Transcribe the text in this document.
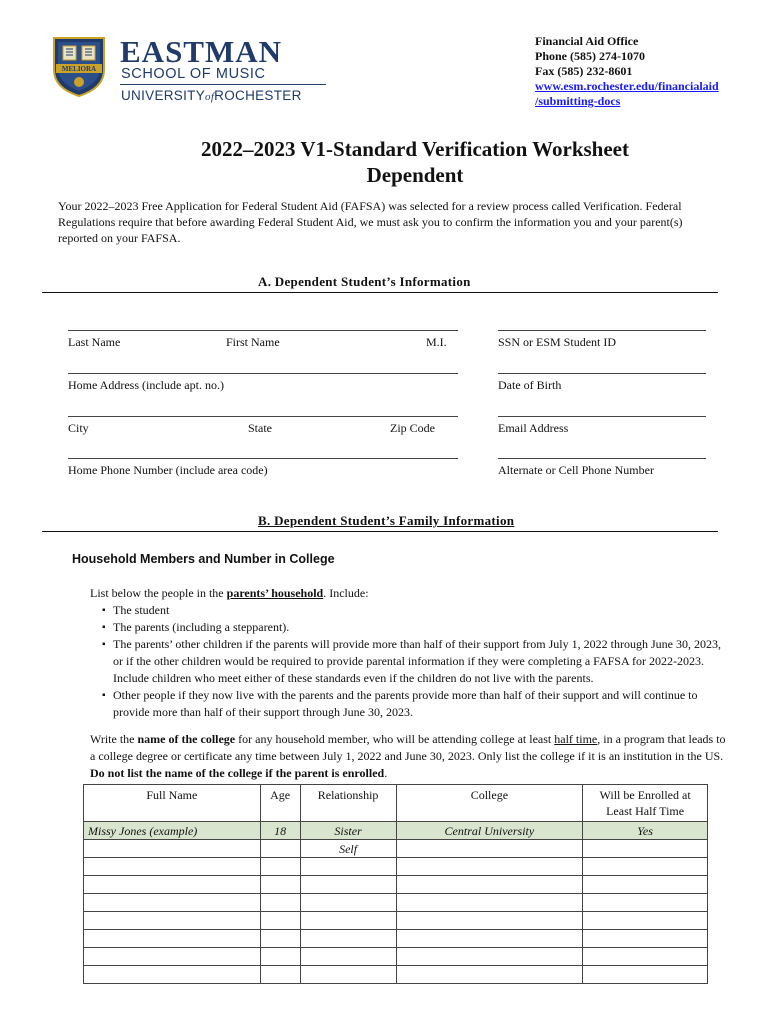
MELIORA EASTMAN
SCHOOL OF MUSIC
UNIVERSITYofROCHESTER
Financial Aid Office
Phone (585) 274-1070
Fax (585) 232-8601
www.esm.rochester.edu/financialaid
/submitting-docs
2022–2023 V1-Standard Verification Worksheet
Dependent
Your 2022–2023 Free Application for Federal Student Aid (FAFSA) was selected for a review process called Verification. Federal Regulations require that before awarding Federal Student Aid, we must ask you to confirm the information you and your parent(s) reported on your FAFSA.
A. Dependent Student’s Information
Last Name	First Name	M.I.	SSN or ESM Student ID
Home Address (include apt. no.)	Date of Birth
City	State	Zip Code	Email Address
Home Phone Number (include area code)	Alternate or Cell Phone Number
B. Dependent Student’s Family Information
Household Members and Number in College
List below the people in the parents’ household. Include:
▪ The student
▪ The parents (including a stepparent).
▪ The parents’ other children if the parents will provide more than half of their support from July 1, 2022 through June 30, 2023, or if the other children would be required to provide parental information if they were completing a FAFSA for 2022-2023. Include children who meet either of these standards even if the children do not live with the parents.
▪ Other people if they now live with the parents and the parents provide more than half of their support and will continue to provide more than half of their support through June 30, 2023.
Write the name of the college for any household member, who will be attending college at least half time, in a program that leads to a college degree or certificate any time between July 1, 2022 and June 30, 2023. Only list the college if it is an institution in the US. Do not list the name of the college if the parent is enrolled.
Full Name	Age	Relationship	College	Will be Enrolled at Least Half Time
Missy Jones (example)	18	Sister	Central University	Yes
		Self		
